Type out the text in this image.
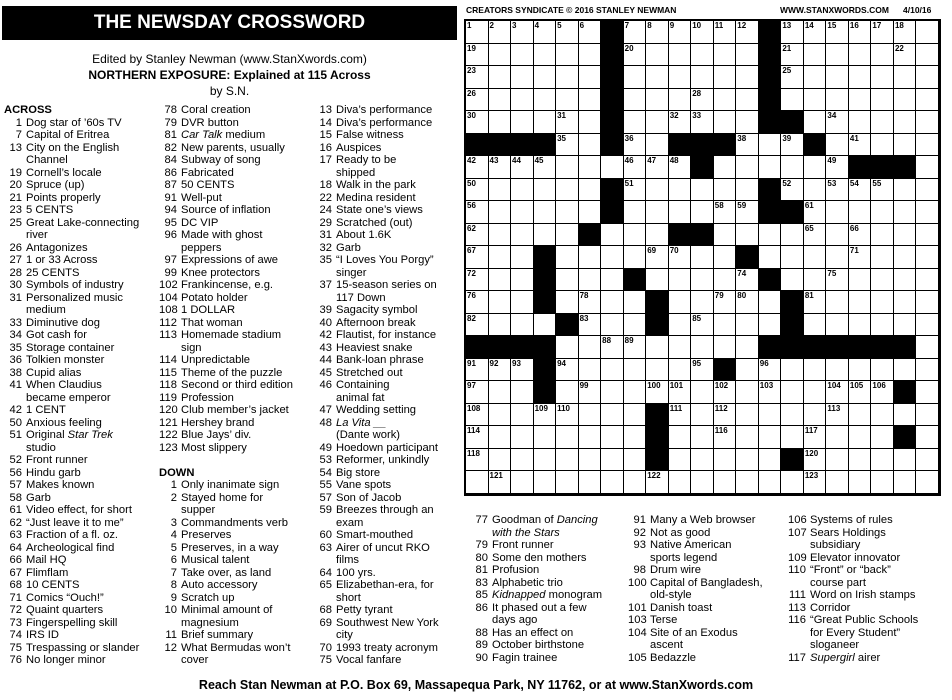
THE NEWSDAY CROSSWORD
Edited by Stanley Newman (www.StanXwords.com)
NORTHERN EXPOSURE: Explained at 115 Across
by S.N.
CREATORS SYNDICATE © 2016 STANLEY NEWMAN	WWW.STANXWORDS.COM 4/10/16
ACROSS
1 Dog star of ’60s TV
7 Capital of Eritrea
13 City on the English
Channel
19 Cornell’s locale
20 Spruce (up)
21 Points properly
23 5 CENTS
25 Great Lake-connecting
river
26 Antagonizes
27 1 or 33 Across
28 25 CENTS
30 Symbols of industry
31 Personalized music
medium
33 Diminutive dog
34 Got cash for
35 Storage container
36 Tolkien monster
38 Cupid alias
41 When Claudius
became emperor
42 1 CENT
50 Anxious feeling
51 Original Star Trek
studio
52 Front runner
56 Hindu garb
57 Makes known
58 Garb
61 Video effect, for short
62 “Just leave it to me”
63 Fraction of a fl. oz.
64 Archeological find
66 Mail HQ
67 Flimflam
68 10 CENTS
71 Comics “Ouch!”
72 Quaint quarters
73 Fingerspelling skill
74 IRS ID
75 Trespassing or slander
76 No longer minor
78 Coral creation
79 DVR button
81 Car Talk medium
82 New parents, usually
84 Subway of song
86 Fabricated
87 50 CENTS
91 Well-put
94 Source of inflation
95 DC VIP
96 Made with ghost
peppers
97 Expressions of awe
99 Knee protectors
102 Frankincense, e.g.
104 Potato holder
108 1 DOLLAR
112 That woman
113 Homemade stadium
sign
114 Unpredictable
115 Theme of the puzzle
118 Second or third edition
119 Profession
120 Club member’s jacket
121 Hershey brand
122 Blue Jays’ div.
123 Most slippery

DOWN
1 Only inanimate sign
2 Stayed home for
supper
3 Commandments verb
4 Preserves
5 Preserves, in a way
6 Musical talent
7 Take over, as land
8 Auto accessory
9 Scratch up
10 Minimal amount of
magnesium
11 Brief summary
12 What Bermudas won’t
cover
13 Diva’s performance
14 Diva’s performance
15 False witness
16 Auspices
17 Ready to be
shipped
18 Walk in the park
22 Medina resident
24 State one’s views
29 Scratched (out)
31 About 1.6K
32 Garb
35 “I Loves You Porgy”
singer
37 15-season series on
117 Down
39 Sagacity symbol
40 Afternoon break
42 Flautist, for instance
43 Heaviest snake
44 Bank-loan phrase
45 Stretched out
46 Containing
animal fat
47 Wedding setting
48 La Vita __
(Dante work)
49 Hoedown participant
53 Reformer, unkindly
54 Big store
55 Vane spots
57 Son of Jacob
59 Breezes through an
exam
60 Smart-mouthed
63 Airer of uncut RKO
films
64 100 yrs.
65 Elizabethan-era, for
short
68 Petty tyrant
69 Southwest New York
city
70 1993 treaty acronym
75 Vocal fanfare
77 Goodman of Dancing
with the Stars
79 Front runner
80 Some den mothers
81 Profusion
83 Alphabetic trio
85 Kidnapped monogram
86 It phased out a few
days ago
88 Has an effect on
89 October birthstone
90 Fagin trainee
91 Many a Web browser
92 Not as good
93 Native American
sports legend
98 Drum wire
100 Capital of Bangladesh,
old-style
101 Danish toast
103 Terse
104 Site of an Exodus
ascent
105 Bedazzle
106 Systems of rules
107 Sears Holdings
subsidiary
109 Elevator innovator
110 “Front” or “back”
course part
111 Word on Irish stamps
113 Corridor
116 “Great Public Schools
for Every Student”
sloganeer
117 Supergirl airer
1 2 3 4 5 6	7 8 9 10 11 12	13 14 15 16 17 18
19	20	21	22
23	25
26	28
30	31	32 33	34
35	36	38	39	41
42 43 44 45	46 47 48	49
50	51	52	53 54 55
56	58 59	61
62	65	66
67	69 70	71
72	74	75
76	78	79 80	81
82	83	85
88 89
91 92 93	94	95	96
97	99	100 101	102	103	104 105 106
108	109 110	111	112	113
114	116	117
118	120
121	122	123
Reach Stan Newman at P.O. Box 69, Massapequa Park, NY 11762, or at www.StanXwords.com
